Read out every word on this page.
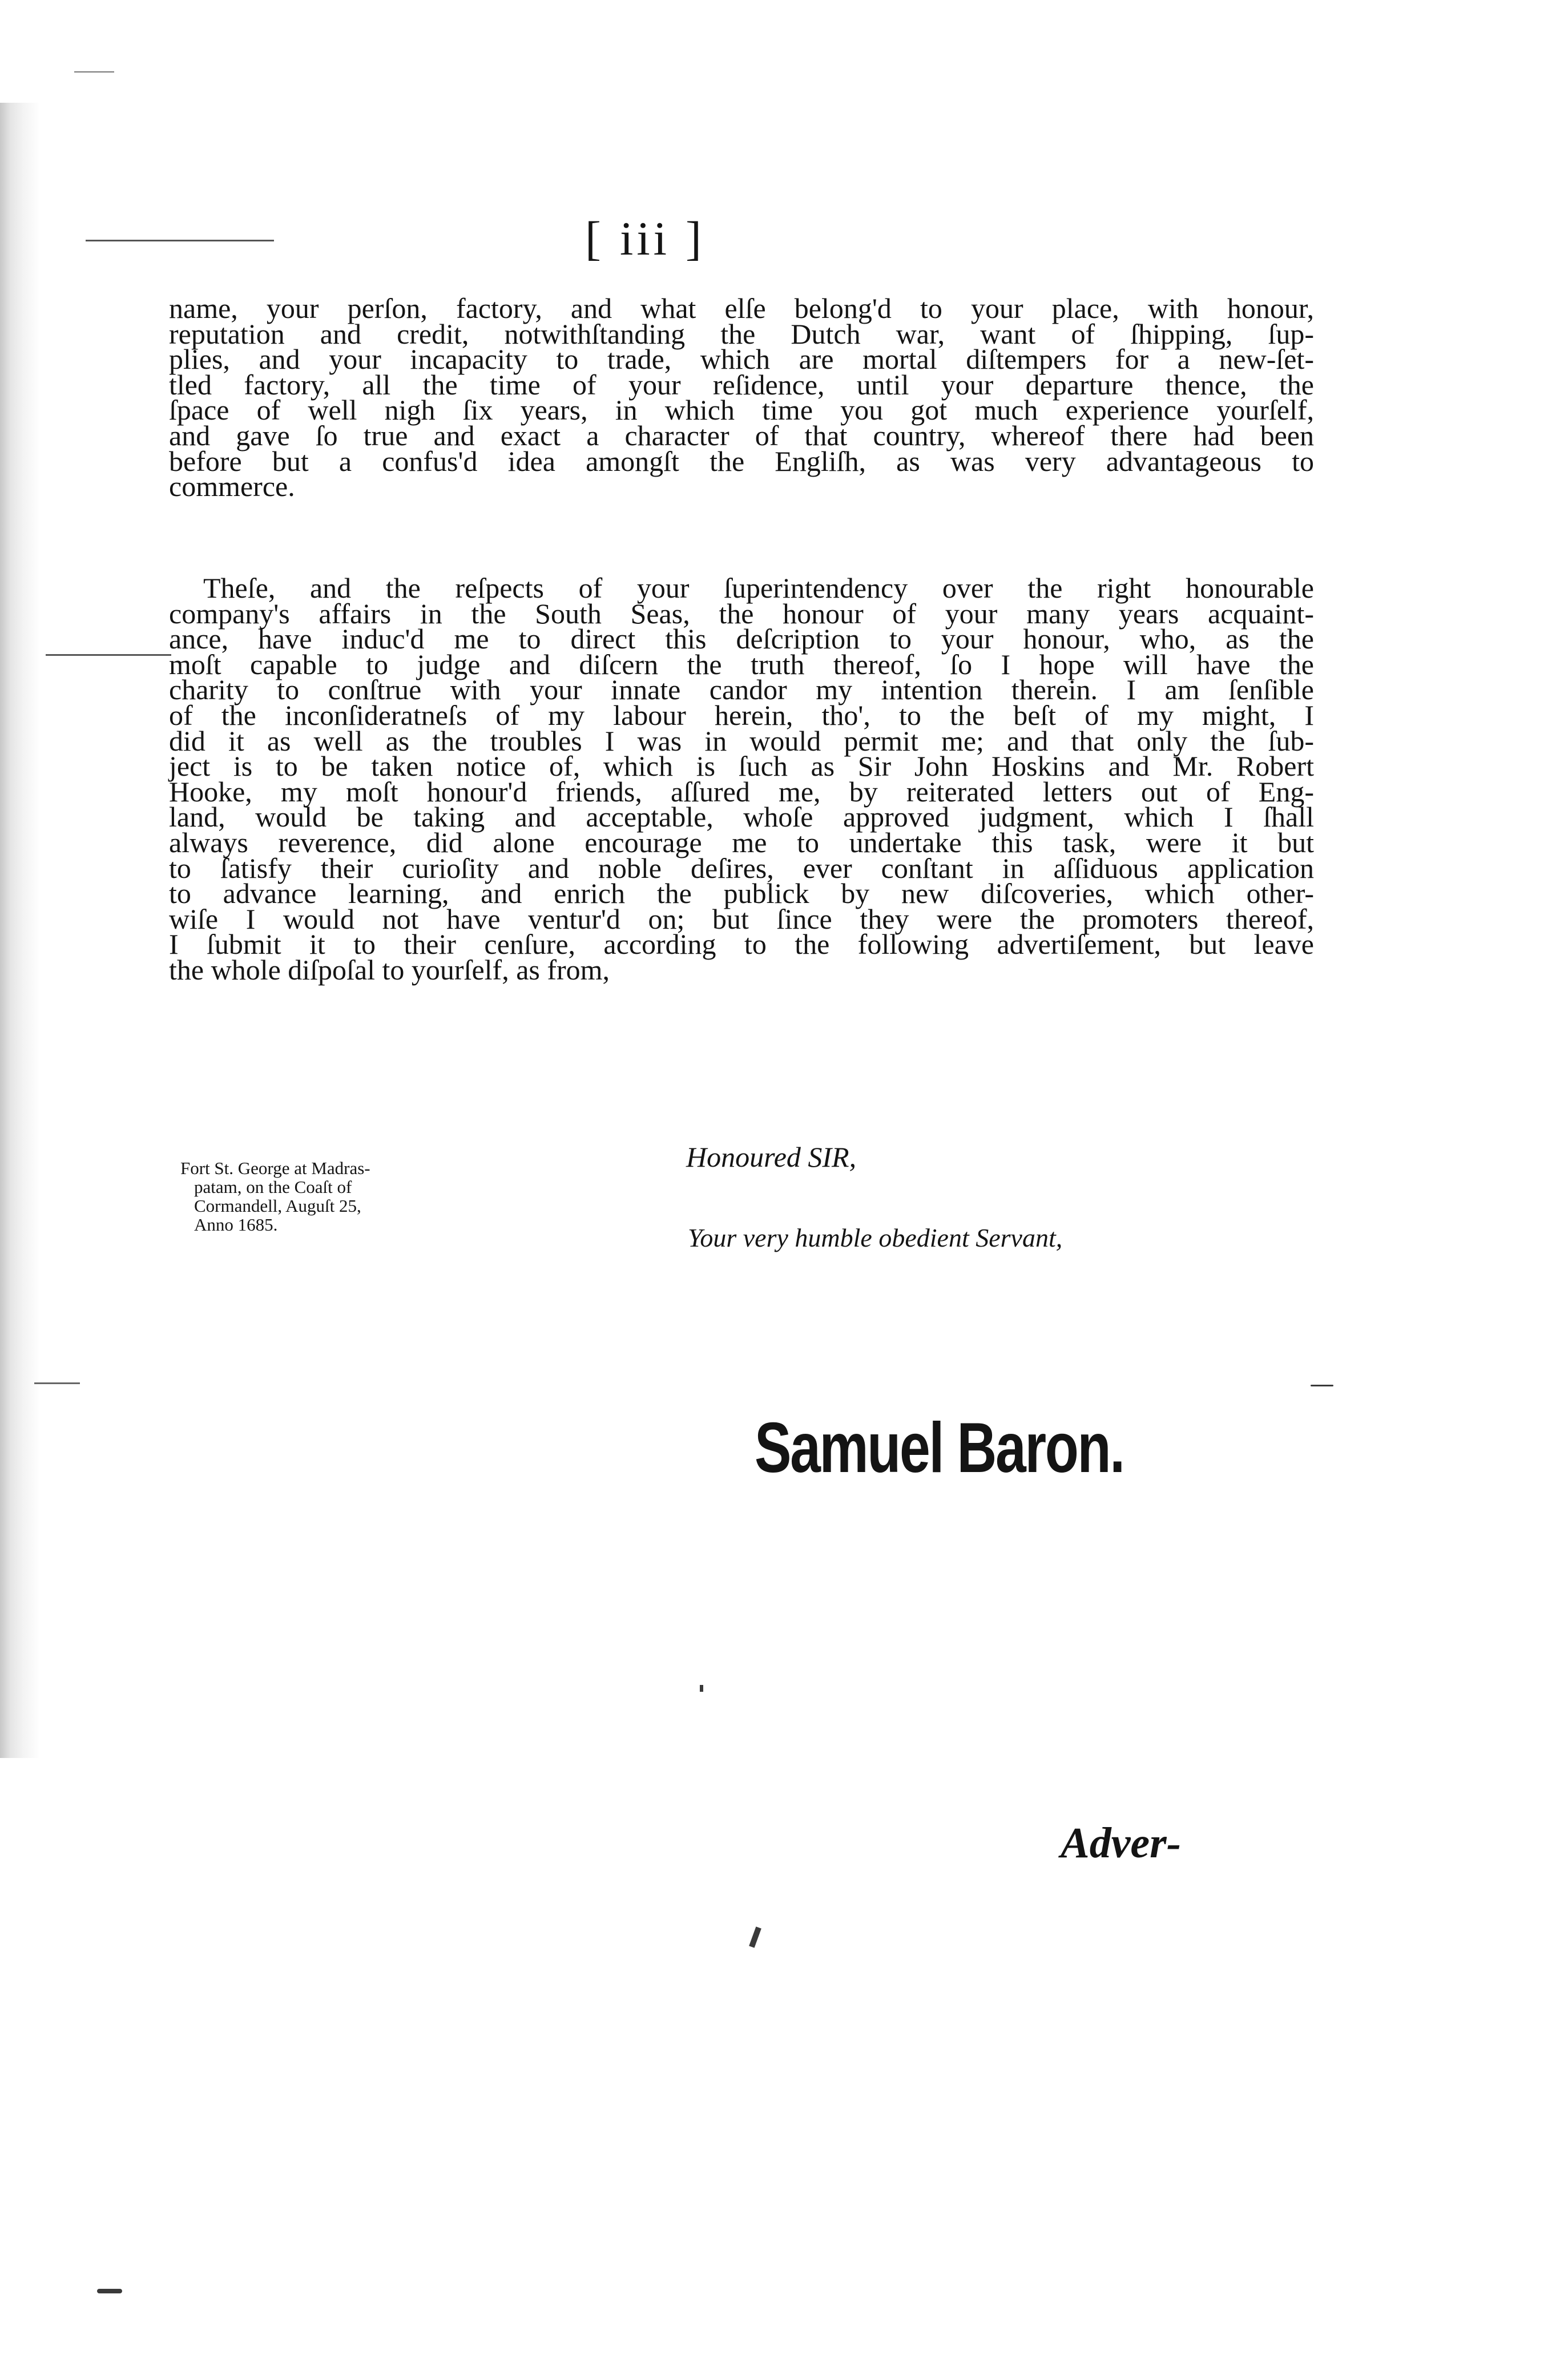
[ iii ]

name, your perſon, factory, and what elſe belong'd to your place, with honour,
reputation and credit, notwithſtanding the Dutch war, want of ſhipping, ſup-
plies, and your incapacity to trade, which are mortal diſtempers for a new-ſet-
tled factory, all the time of your reſidence, until your departure thence, the
ſpace of well nigh ſix years, in which time you got much experience yourſelf,
and gave ſo true and exact a character of that country, whereof there had been
before but a confus'd idea amongſt the Engliſh, as was very advantageous to
commerce.

Theſe, and the reſpects of your ſuperintendency over the right honourable
company's affairs in the South Seas, the honour of your many years acquaint-
ance, have induc'd me to direct this deſcription to your honour, who, as the
moſt capable to judge and diſcern the truth thereof, ſo I hope will have the
charity to conſtrue with your innate candor my intention therein. I am ſenſible
of the inconſideratneſs of my labour herein, tho', to the beſt of my might, I
did it as well as the troubles I was in would permit me; and that only the ſub-
ject is to be taken notice of, which is ſuch as Sir John Hoskins and Mr. Robert
Hooke, my moſt honour'd friends, aſſured me, by reiterated letters out of Eng-
land, would be taking and acceptable, whoſe approved judgment, which I ſhall
always reverence, did alone encourage me to undertake this task, were it but
to ſatisfy their curioſity and noble deſires, ever conſtant in aſſiduous application
to advance learning, and enrich the publick by new diſcoveries, which other-
wiſe I would not have ventur'd on; but ſince they were the promoters thereof,
I ſubmit it to their cenſure, according to the following advertiſement, but leave
the whole diſpoſal to yourſelf, as from,

Fort St. George at Madras-
patam, on the Coaſt of
Cormandell, Auguſt 25,
Anno 1685.
Honoured SIR,
Your very humble obedient Servant,
Samuel Baron.
Adver-
